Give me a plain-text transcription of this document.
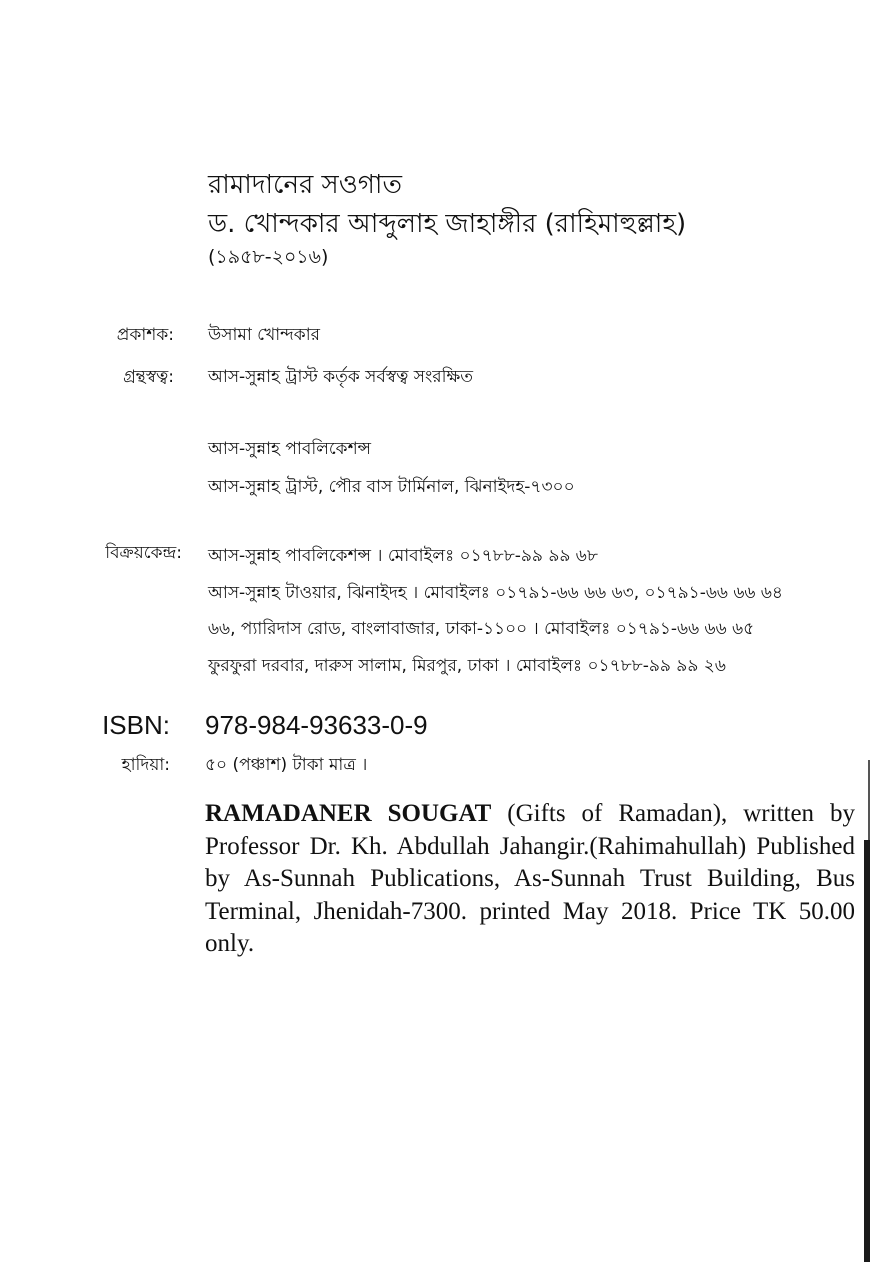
রামাদানের সওগাত
ড. খোন্দকার আব্দুলাহ জাহাঙ্গীর (রাহিমাহুল্লাহ)
(১৯৫৮-২০১৬)
প্রকাশক: উসামা খোন্দকার
গ্রন্থস্বত্ব: আস-সুন্নাহ ট্রাস্ট কর্তৃক সর্বস্বত্ব সংরক্ষিত
আস-সুন্নাহ পাবলিকেশন্স
আস-সুন্নাহ ট্রাস্ট, পৌর বাস টার্মিনাল, ঝিনাইদহ-৭৩০০
বিক্রয়কেন্দ্র: আস-সুন্নাহ পাবলিকেশন্স । মোবাইলঃ ০১৭৮৮-৯৯ ৯৯ ৬৮
আস-সুন্নাহ টাওয়ার, ঝিনাইদহ । মোবাইলঃ ০১৭৯১-৬৬ ৬৬ ৬৩, ০১৭৯১-৬৬ ৬৬ ৬৪
৬৬, প্যারিদাস রোড, বাংলাবাজার, ঢাকা-১১০০ । মোবাইলঃ ০১৭৯১-৬৬ ৬৬ ৬৫
ফুরফুরা দরবার, দারুস সালাম, মিরপুর, ঢাকা । মোবাইলঃ ০১৭৮৮-৯৯ ৯৯ ২৬
ISBN: 978-984-93633-0-9
হাদিয়া: ৫০ (পঞ্চাশ) টাকা মাত্র ।
RAMADANER SOUGAT (Gifts of Ramadan), written by Professor Dr. Kh. Abdullah Jahangir.(Rahimahullah) Published by As-Sunnah Publications, As-Sunnah Trust Building, Bus Terminal, Jhenidah-7300. printed May 2018. Price TK 50.00 only.
